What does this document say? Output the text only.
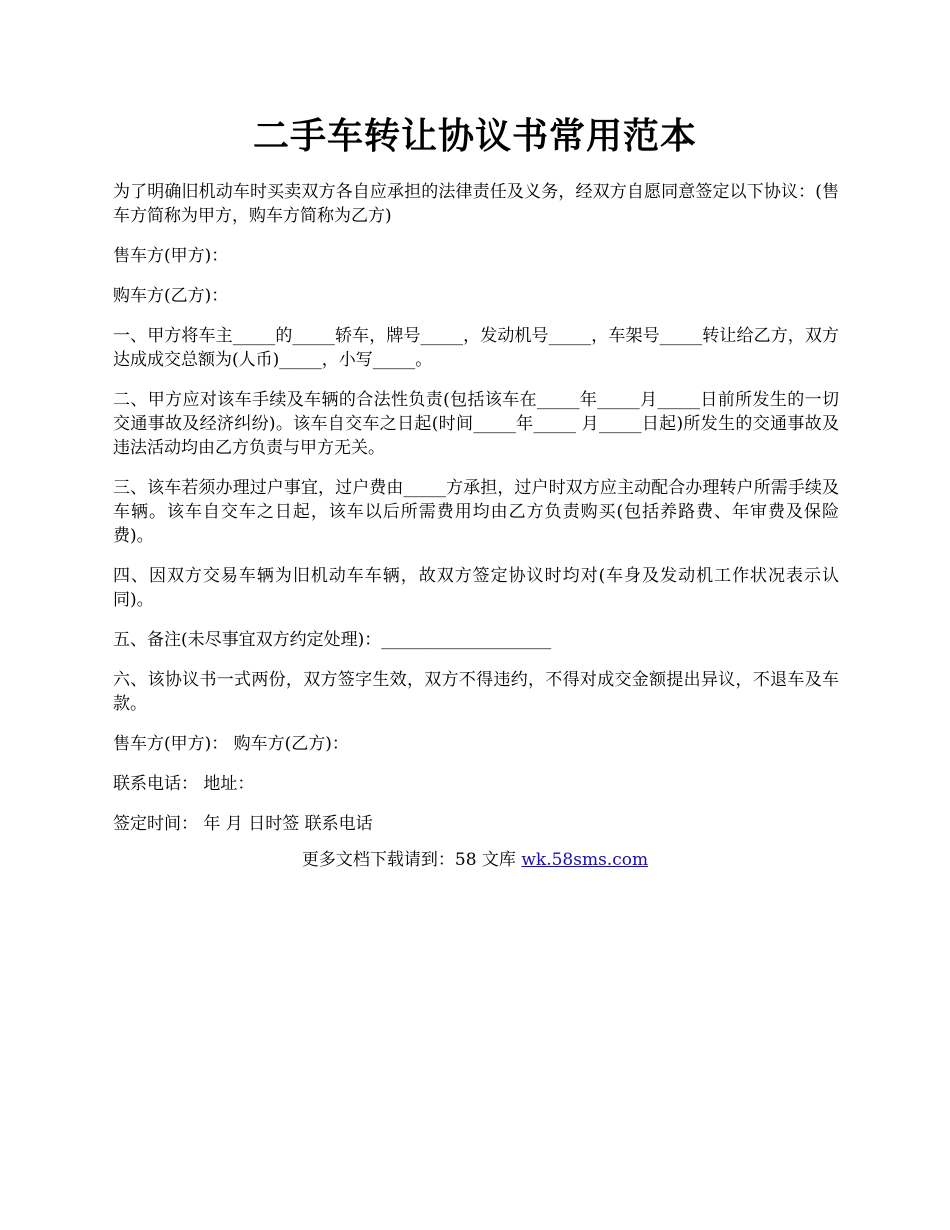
二手车转让协议书常用范本

为了明确旧机动车时买卖双方各自应承担的法律责任及义务，经双方自愿同意签定以下协议：(售车方简称为甲方，购车方简称为乙方)

售车方(甲方)：

购车方(乙方)：

一、甲方将车主_____的_____轿车，牌号_____，发动机号_____，车架号_____转让给乙方，双方达成成交总额为(人币)_____，小写_____。

二、甲方应对该车手续及车辆的合法性负责(包括该车在_____年_____月_____日前所发生的一切交通事故及经济纠纷)。该车自交车之日起(时间_____年_____ 月_____日起)所发生的交通事故及违法活动均由乙方负责与甲方无关。

三、该车若须办理过户事宜，过户费由_____方承担，过户时双方应主动配合办理转户所需手续及车辆。该车自交车之日起，该车以后所需费用均由乙方负责购买(包括养路费、年审费及保险费)。

四、因双方交易车辆为旧机动车车辆，故双方签定协议时均对(车身及发动机工作状况表示认同)。

五、备注(未尽事宜双方约定处理)：____________________

六、该协议书一式两份，双方签字生效，双方不得违约，不得对成交金额提出异议，不退车及车款。

售车方(甲方)： 购车方(乙方)：

联系电话： 地址：

签定时间： 年 月 日时签 联系电话

更多文档下载请到：58 文库 wk.58sms.com
